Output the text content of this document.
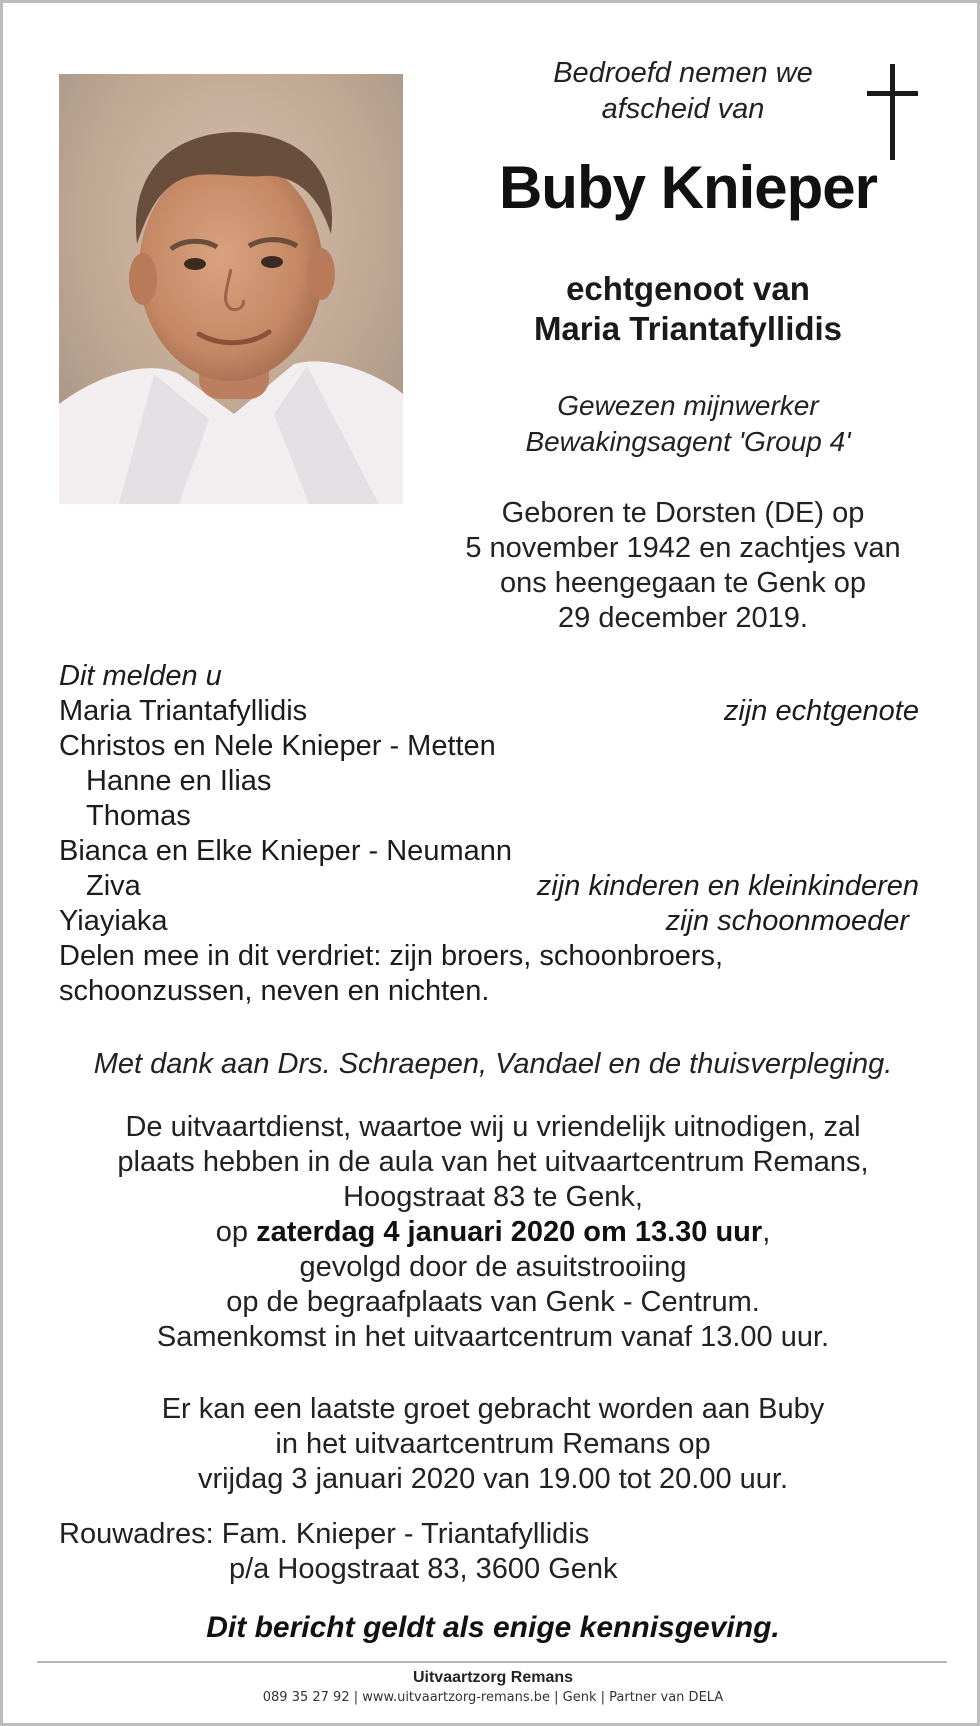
Bedroefd nemen we
afscheid van
Buby Knieper
echtgenoot van
Maria Triantafyllidis
Gewezen mijnwerker
Bewakingsagent 'Group 4'
Geboren te Dorsten (DE) op
5 november 1942 en zachtjes van
ons heengegaan te Genk op
29 december 2019.
Dit melden u
Maria Triantafyllidis	zijn echtgenote
Christos en Nele Knieper - Metten
Hanne en Ilias
Thomas
Bianca en Elke Knieper - Neumann
Ziva	zijn kinderen en kleinkinderen
Yiayiaka	zijn schoonmoeder
Delen mee in dit verdriet: zijn broers, schoonbroers,
schoonzussen, neven en nichten.
Met dank aan Drs. Schraepen, Vandael en de thuisverpleging.
De uitvaartdienst, waartoe wij u vriendelijk uitnodigen, zal
plaats hebben in de aula van het uitvaartcentrum Remans,
Hoogstraat 83 te Genk,
op zaterdag 4 januari 2020 om 13.30 uur,
gevolgd door de asuitstrooiing
op de begraafplaats van Genk - Centrum.
Samenkomst in het uitvaartcentrum vanaf 13.00 uur.
Er kan een laatste groet gebracht worden aan Buby
in het uitvaartcentrum Remans op
vrijdag 3 januari 2020 van 19.00 tot 20.00 uur.
Rouwadres: Fam. Knieper - Triantafyllidis
p/a Hoogstraat 83, 3600 Genk
Dit bericht geldt als enige kennisgeving.
Uitvaartzorg Remans
089 35 27 92 | www.uitvaartzorg-remans.be | Genk | Partner van DELA
